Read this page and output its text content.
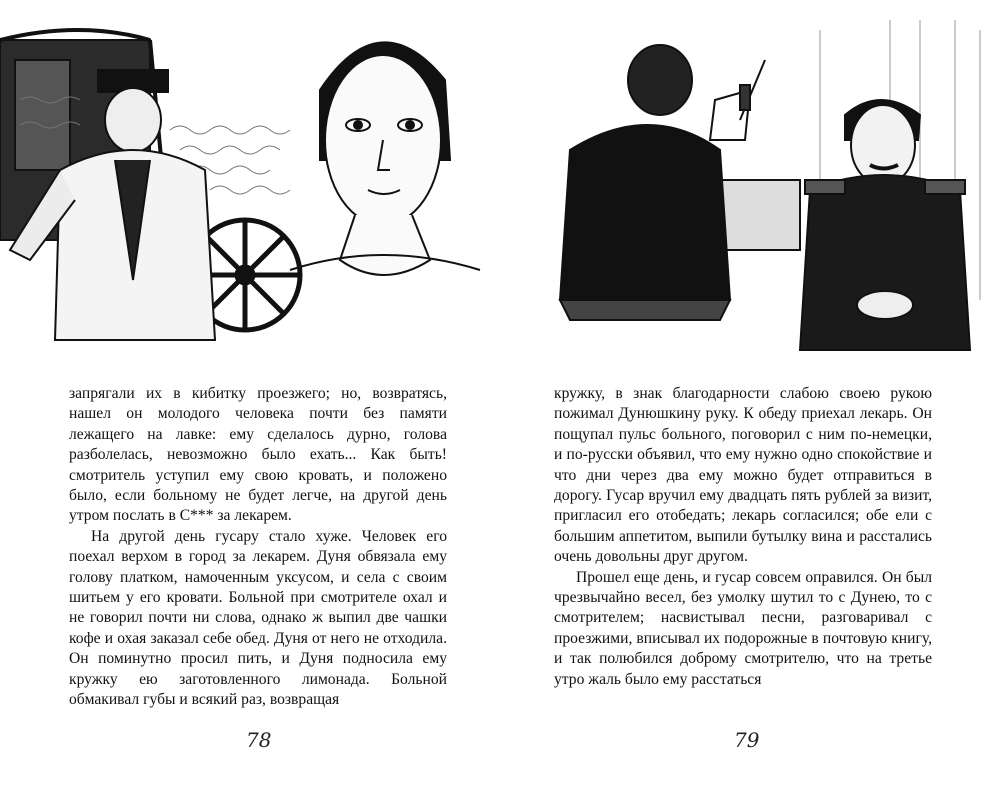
запрягали их в кибитку проезжего; но, возвратясь, нашел он молодого человека почти без памяти лежащего на лавке: ему сделалось дурно, голова разболелась, невозможно было ехать... Как быть! смотритель уступил ему свою кровать, и положено было, если больному не будет легче, на другой день утром послать в С*** за лекарем.

На другой день гусару стало хуже. Человек его поехал верхом в город за лекарем. Дуня обвязала ему голову платком, намоченным уксусом, и села с своим шитьем у его кровати. Больной при смотрителе охал и не говорил почти ни слова, однако ж выпил две чашки кофе и охая заказал себе обед. Дуня от него не отходила. Он поминутно просил пить, и Дуня подносила ему кружку ею заготовленного лимонада. Больной обмакивал губы и всякий раз, возвращая

кружку, в знак благодарности слабою своею рукою пожимал Дунюшкину руку. К обеду приехал лекарь. Он пощупал пульс больного, поговорил с ним по-немецки, и по-русски объявил, что ему нужно одно спокойствие и что дни через два ему можно будет отправиться в дорогу. Гусар вручил ему двадцать пять рублей за визит, пригласил его отобедать; лекарь согласился; обе ели с большим аппетитом, выпили бутылку вина и расстались очень довольны друг другом.

Прошел еще день, и гусар совсем оправился. Он был чрезвычайно весел, без умолку шутил то с Дунею, то с смотрителем; насвистывал песни, разговаривал с проезжими, вписывал их подорожные в почтовую книгу, и так полюбился доброму смотрителю, что на третье утро жаль было ему расстаться

78	79
